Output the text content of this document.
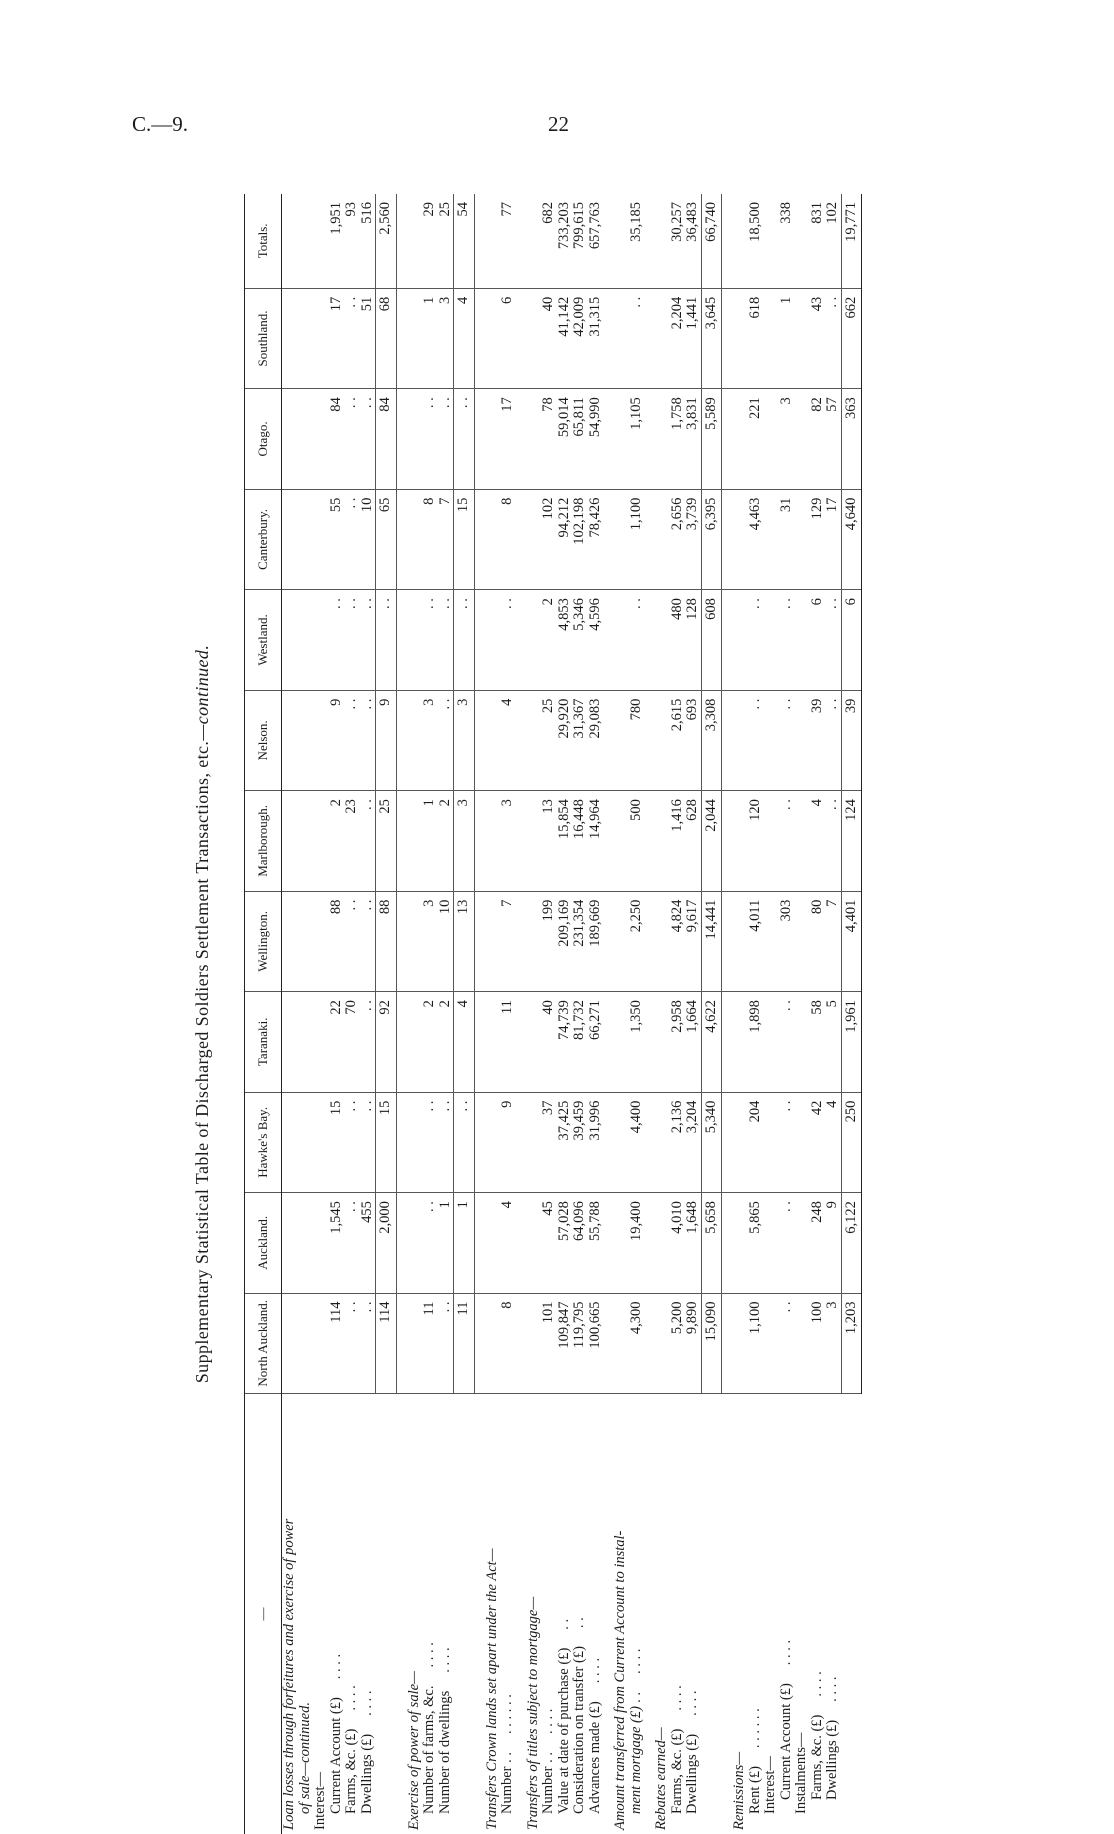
C.—9.	22
Supplementary Statistical Table of Discharged Soldiers Settlement Transactions, etc.—continued.
—	North Auckland.	Auckland.	Hawke's Bay.	Taranaki.	Wellington.	Marlborough.	Nelson.	Westland.	Canterbury.	Otago.	Southland.	Totals.
Loan losses through forfeitures and exercise of power												
of sale—continued.												
Interest—												
Current Account (£). . . .	114	1,545	15	22	88	2	9	. .	55	84	17	1,951
Farms, &c. (£). . . .	. .	. .	. .	70	. .	23	. .	. .	. .	. .	. .	93
Dwellings (£). . . .	. .	455	. .	. .	. .	. .	. .	. .	10	. .	51	516
	114	2,000	15	92	88	25	9	. .	65	84	68	2,560

Exercise of power of sale—												
Number of farms, &c.. . . .	11	. .	. .	2	3	1	3	. .	8	. .	1	29
Number of dwellings. . . .	. .	1	. .	2	10	2	. .	. .	7	. .	3	25
	11	1	. .	4	13	3	3	. .	15	. .	4	54

Transfers Crown lands set apart under the Act—												
Number . .. . . . . .	8	4	9	11	7	3	4	. .	8	17	6	77

Transfers of titles subject to mortgage—												
Number . .. . . .	101	45	37	40	199	13	25	2	102	78	40	682
Value at date of purchase (£). .	109,847	57,028	37,425	74,739	209,169	15,854	29,920	4,853	94,212	59,014	41,142	733,203
Consideration on transfer (£). .	119,795	64,096	39,459	81,732	231,354	16,448	31,367	5,346	102,198	65,811	42,009	799,615
Advances made (£). . . .	100,665	55,788	31,996	66,271	189,669	14,964	29,083	4,596	78,426	54,990	31,315	657,763

Amount transferred from Current Account to instal-												
ment mortgage (£) . .. . . .	4,300	19,400	4,400	1,350	2,250	500	780	. .	1,100	1,105	. .	35,185

Rebates earned—												
Farms, &c. (£). . . .	5,200	4,010	2,136	2,958	4,824	1,416	2,615	480	2,656	1,758	2,204	30,257
Dwellings (£). . . .	9,890	1,648	3,204	1,664	9,617	628	693	128	3,739	3,831	1,441	36,483
	15,090	5,658	5,340	4,622	14,441	2,044	3,308	608	6,395	5,589	3,645	66,740

Remissions—												
Rent (£). . . . . .	1,100	5,865	204	1,898	4,011	120	. .	. .	4,463	221	618	18,500
Interest—												
Current Account (£). . . .	. .	. .	. .	. .	303	. .	. .	. .	31	3	1	338
Instalments—												
Farms, &c. (£). . . .	100	248	42	58	80	4	39	6	129	82	43	831
Dwellings (£). . . .	3	9	4	5	7	. .	. .	. .	17	57	. .	102
	1,203	6,122	250	1,961	4,401	124	39	6	4,640	363	662	19,771
